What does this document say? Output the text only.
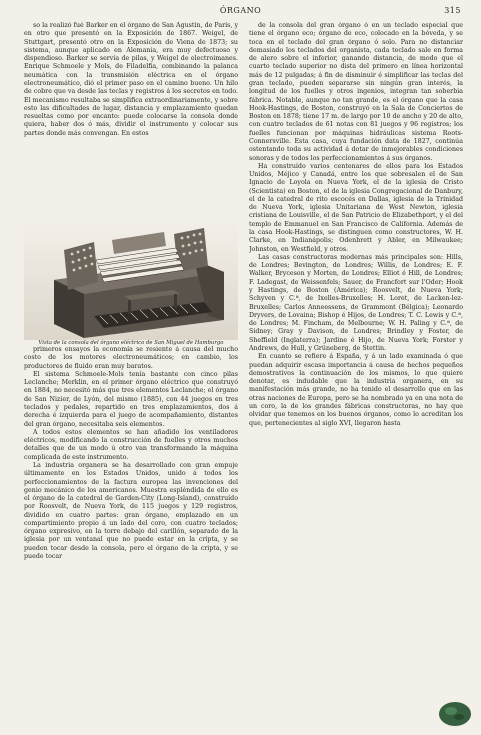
ÓRGANO	315

so la realizó fué Barker en el órgano de San Agustín, de París, y en otro que presentó en la Exposición de 1867. Weigel, de Stuttgart, presentó otro en la Exposición de Viena de 1873; su sistema, aunque aplicado en Alemania, era muy defectuoso y dispendioso. Barker se servía de pilas, y Weigel de electroimanes. Enrique Schmoele y Mols, de Filadelfia, combinando la palanca neumática con la transmisión eléctrica en el órgano electroneumático, dió el primer paso en el camino bueno. Un hilo de cobre que va desde las teclas y registros á los secretos en todo. El mecanismo resultaba se simplifica extraordinariamente, y sobre esto las dificultades de lugar, distancia y emplazamiento quedan resueltas como por encanto: puede colocarse la consola donde quiera, haber dos ó más, dividir el instrumento y colocar sus partes donde más convengan. En estos

primeros ensayos la economía se resiente á causa del mucho costo de los motores electroneumáticos; en cambio, los productores de fluido eran muy baratos.

El sistema Schmoele-Mols tenía bastante con cinco pilas Leclanche; Merklin, en el primer órgano eléctrico que construyó en 1884, no necesitó más que tres elementos Leclanche; el órgano de San Nizier, de Lyón, del mismo (1885), con 44 juegos en tres teclados y pedales, repartido en tres emplazamientos, dos á derecha é izquierda para el juego de acompañamiento, distantes del gran órgano, necesitaba seis elementos.

A todos estos elementos se han añadido los ventiladores eléctricos, modificando la construcción de fuelles y otros muchos detalles que de un modo ú otro van transformando la máquina complicada de este instrumento.

La industria organera se ha desarrollado con gran empuje últimamente en los Estados Unidos, unido á todos los perfeccionamientos de la factura europea las invenciones del genio mecánico de los americanos. Muestra espléndida de ello es el órgano de la catedral de Garden-City (Long-Island), construído por Roosvelt, de Nueva York, de 115 juegos y 129 registros, dividido en cuatro partes: gran órgano, emplazado en un compartimiento propio á un lado del coro, con cuatro teclados; órgano expresivo, en la torre debajo del carillón, separado de la iglesia por un ventanal que no puede estar en la cripta, y se pueden tocar desde la consola, pero el órgano de la cripta, y se puede tocar

Vista de la consola del órgano eléctrico de San Miguel de Hamburgo

de la consola del gran órgano ó en un teclado especial que tiene el órgano eco; órgano de eco, colocado en la bóveda, y se toca en el teclado del gran órgano ó solo. Para no distanciar demasiado los teclados del organista, cada teclado sale en forma de alero sobre el inferior, ganando distancia, de modo que el cuarto teclado superior no dista del primero en línea horizontal más de 12 pulgadas; á fin de disminuir é simplificar las teclas del gran teclado, pueden separarse sin ningún gran interés, la longitud de los fuelles y otros ingenios, integran tan soberbia fábrica. Notable, aunque no tan grande, es el órgano que la casa Hook-Hastings, de Boston, construyó en la Sala de Conciertos de Boston en 1878; tiene 17 m. de largo por 10 de ancho y 20 de alto, con cuatro teclados de 61 notas con 81 juegos y 96 registros; los fuelles funcionan por máquinas hidráulicas sistema Roots-Connersville. Esta casa, cuya fundación data de 1827, continúa ostentando toda su actividad á dotar de inmejorables condiciones sonoras y de todos los perfeccionamientos á sus órganos.

Ha construído varios centenares de ellos para los Estados Unidos, Méjico y Canadá, entre los que sobresalen el de San Ignacio de Loyola en Nueva York, el de la iglesia de Cristo (Scientista) en Boston, el de la iglesia Congregacional de Danbury, el de la catedral de rito escocés en Dallas, iglesia de la Trinidad de Nueva York, iglesia Unitariana de West Newton, iglesia cristiana de Louisville, el de San Patricio de Elizabethport, y el del templo de Emmanuel en San Francisco de California. Además de la casa Hook-Hastings, se distinguen como constructores, W. H. Clarke, en Indianápolis; Odenbrett y Abler, en Milwaukee; Johnston, en Westfield, y otros.

Las casas constructoras modernas más principales son: Hills, de Londres; Bevington, de Londres; Willis, de Londres; E. F. Walker, Bryceson y Morten, de Londres; Elliot é Hill, de Londres; F. Ladegast, de Weissenfels; Sauer, de Francfort sur l'Oder; Hook y Hastings, de Boston (América); Roosvelt, de Nueva York; Schyven y C.ª, de Ixelles-Bruxelles; H. Loret, de Lacken-lez-Bruxelles; Carlos Anneessens, de Grammont (Bélgica); Leonardo Dryvers, de Lovaina; Bishop é Hijos, de Londres; T. C. Lewis y C.ª, de Londres; M. Fincham, de Melbourne; W. H. Paling y C.ª, de Sidney; Gray y Davison, de Londres; Brindley y Foster, de Sheffield (Inglaterra); Jardine é Hijo, de Nueva York; Forster y Andrews, de Hull, y Grüneberg, de Stettin.

En cuanto se refiere á España, y á un lado examinada ó que puedan adquirir escasa importancia á causa de hechos pequeños demostrativos la continuación de los mismos, lo que quiere denotar, es indudable que la industria organera, en su manifestación más grande, no ha tenido el desarrollo que en las otras naciones de Europa, pero se ha nombrado ya en una nota de un coro, la de los grandes fábricas constructoras, no hay que olvidar que tenemos en los buenos órganos, como lo acreditan los que, pertenecientes al siglo XVI, llegaron hasta
